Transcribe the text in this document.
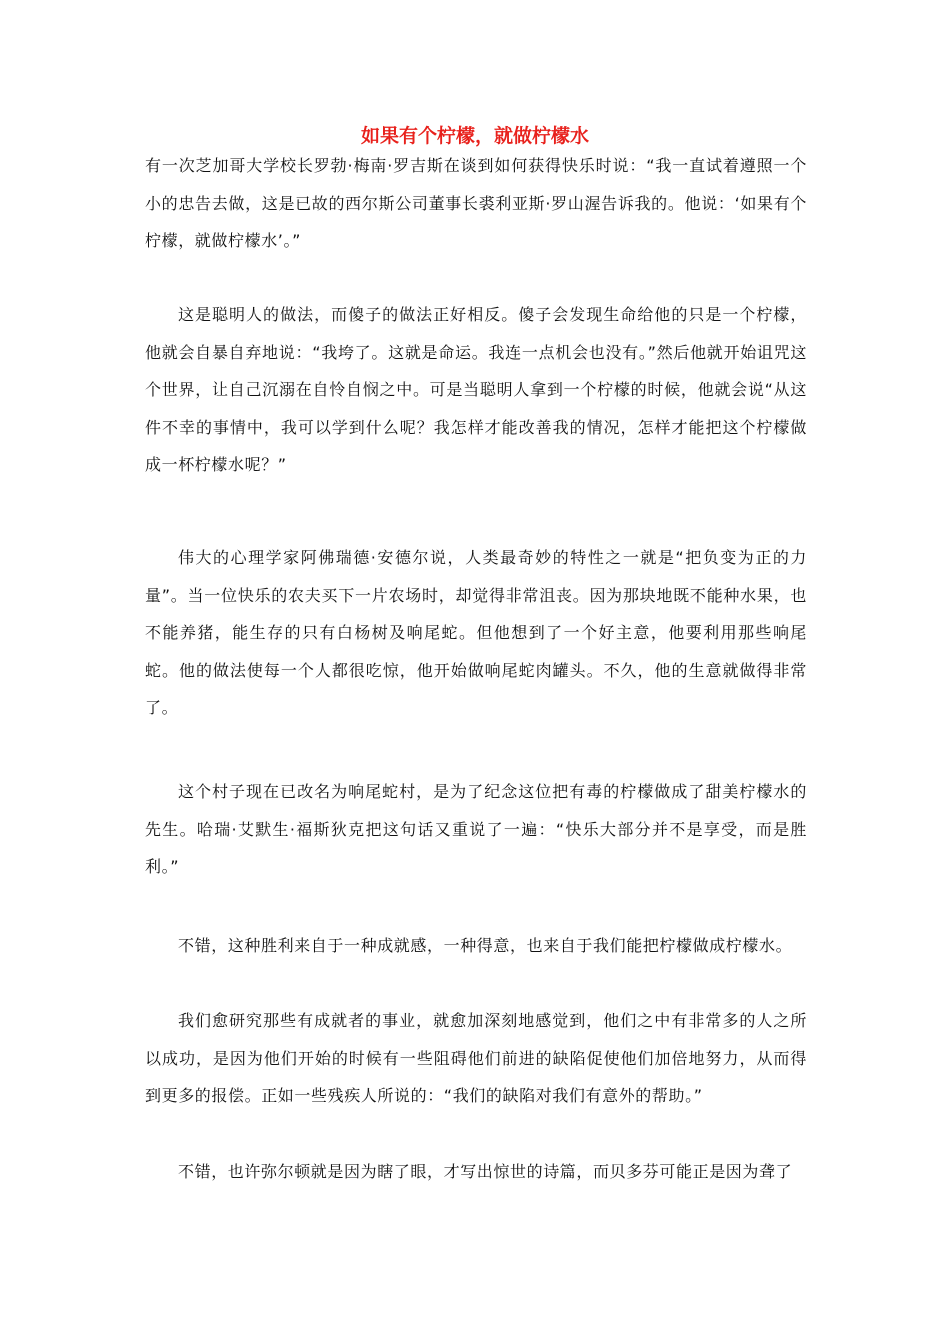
如果有个柠檬，就做柠檬水

有一次芝加哥大学校长罗勃·梅南·罗吉斯在谈到如何获得快乐时说：“我一直试着遵照一个小的忠告去做，这是已故的西尔斯公司董事长裘利亚斯·罗山渥告诉我的。他说：‘如果有个柠檬，就做柠檬水’。”

这是聪明人的做法，而傻子的做法正好相反。傻子会发现生命给他的只是一个柠檬，他就会自暴自弃地说：“我垮了。这就是命运。我连一点机会也没有。”然后他就开始诅咒这个世界，让自己沉溺在自怜自悯之中。可是当聪明人拿到一个柠檬的时候，他就会说“从这件不幸的事情中，我可以学到什么呢？我怎样才能改善我的情况，怎样才能把这个柠檬做成一杯柠檬水呢？”

伟大的心理学家阿佛瑞德·安德尔说，人类最奇妙的特性之一就是“把负变为正的力量”。当一位快乐的农夫买下一片农场时，却觉得非常沮丧。因为那块地既不能种水果，也不能养猪，能生存的只有白杨树及响尾蛇。但他想到了一个好主意，他要利用那些响尾蛇。他的做法使每一个人都很吃惊，他开始做响尾蛇肉罐头。不久，他的生意就做得非常了。

这个村子现在已改名为响尾蛇村，是为了纪念这位把有毒的柠檬做成了甜美柠檬水的先生。哈瑞·艾默生·福斯狄克把这句话又重说了一遍：“快乐大部分并不是享受，而是胜利。”

不错，这种胜利来自于一种成就感，一种得意，也来自于我们能把柠檬做成柠檬水。

我们愈研究那些有成就者的事业，就愈加深刻地感觉到，他们之中有非常多的人之所以成功，是因为他们开始的时候有一些阻碍他们前进的缺陷促使他们加倍地努力，从而得到更多的报偿。正如一些残疾人所说的：“我们的缺陷对我们有意外的帮助。”

不错，也许弥尔顿就是因为瞎了眼，才写出惊世的诗篇，而贝多芬可能正是因为聋了
